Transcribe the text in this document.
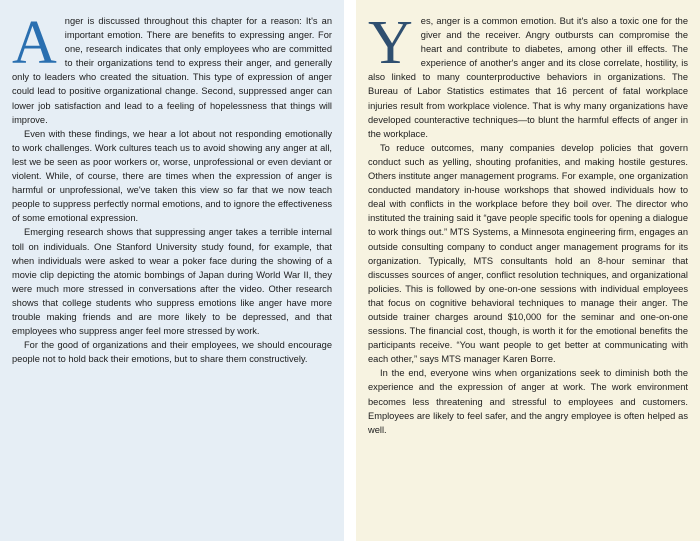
Anger is discussed throughout this chapter for a reason: It's an important emotion. There are benefits to expressing anger. For one, research indicates that only employees who are committed to their organizations tend to express their anger, and generally only to leaders who created the situation. This type of expression of anger could lead to positive organizational change. Second, suppressed anger can lower job satisfaction and lead to a feeling of hopelessness that things will improve.

Even with these findings, we hear a lot about not responding emotionally to work challenges. Work cultures teach us to avoid showing any anger at all, lest we be seen as poor workers or, worse, unprofessional or even deviant or violent. While, of course, there are times when the expression of anger is harmful or unprofessional, we've taken this view so far that we now teach people to suppress perfectly normal emotions, and to ignore the effectiveness of some emotional expression.

Emerging research shows that suppressing anger takes a terrible internal toll on individuals. One Stanford University study found, for example, that when individuals were asked to wear a poker face during the showing of a movie clip depicting the atomic bombings of Japan during World War II, they were much more stressed in conversations after the video. Other research shows that college students who suppress emotions like anger have more trouble making friends and are more likely to be depressed, and that employees who suppress anger feel more stressed by work.

For the good of organizations and their employees, we should encourage people not to hold back their emotions, but to share them constructively.

Yes, anger is a common emotion. But it's also a toxic one for the giver and the receiver. Angry outbursts can compromise the heart and contribute to diabetes, among other ill effects. The experience of another's anger and its close correlate, hostility, is also linked to many counterproductive behaviors in organizations. The Bureau of Labor Statistics estimates that 16 percent of fatal workplace injuries result from workplace violence. That is why many organizations have developed counteractive techniques—to blunt the harmful effects of anger in the workplace.

To reduce outcomes, many companies develop policies that govern conduct such as yelling, shouting profanities, and making hostile gestures. Others institute anger management programs. For example, one organization conducted mandatory in-house workshops that showed individuals how to deal with conflicts in the workplace before they boil over. The director who instituted the training said it “gave people specific tools for opening a dialogue to work things out.” MTS Systems, a Minnesota engineering firm, engages an outside consulting company to conduct anger management programs for its organization. Typically, MTS consultants hold an 8-hour seminar that discusses sources of anger, conflict resolution techniques, and organizational policies. This is followed by one-on-one sessions with individual employees that focus on cognitive behavioral techniques to manage their anger. The outside trainer charges around $10,000 for the seminar and one-on-one sessions. The financial cost, though, is worth it for the emotional benefits the participants receive. “You want people to get better at communicating with each other,” says MTS manager Karen Borre.

In the end, everyone wins when organizations seek to diminish both the experience and the expression of anger at work. The work environment becomes less threatening and stressful to employees and customers. Employees are likely to feel safer, and the angry employee is often helped as well.
